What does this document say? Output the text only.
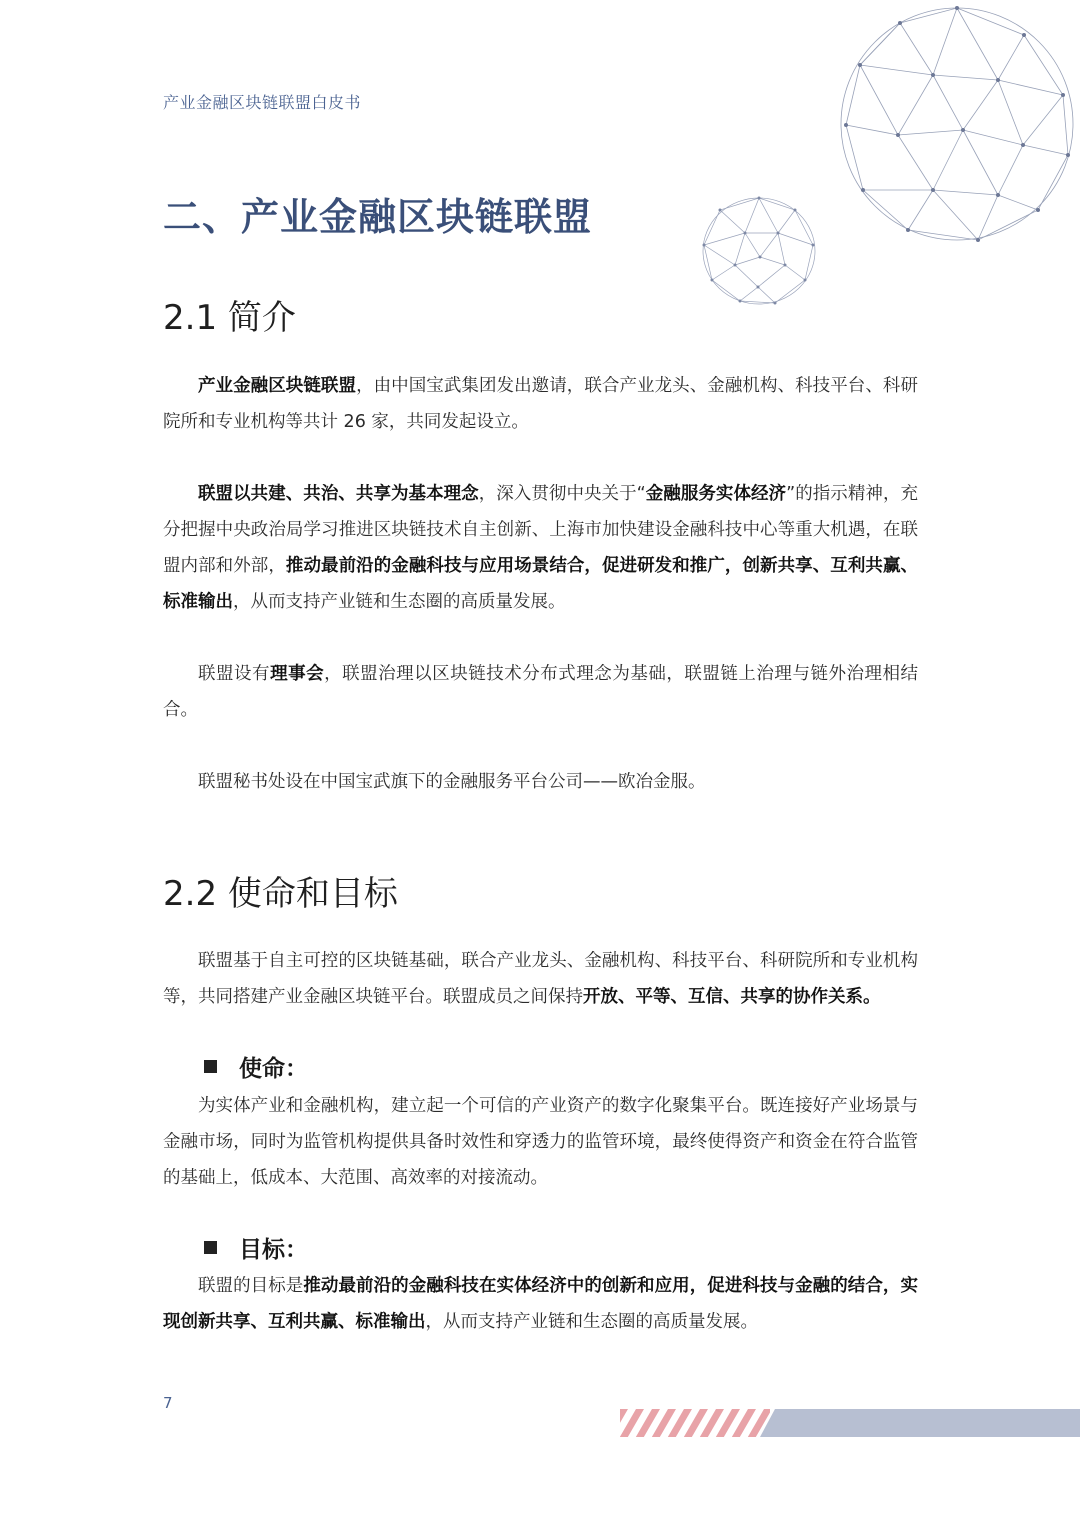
产业金融区块链联盟白皮书
二、产业金融区块链联盟
2.1 简介

产业金融区块链联盟，由中国宝武集团发出邀请，联合产业龙头、金融机构、科技平台、科研院所和专业机构等共计 26 家，共同发起设立。

联盟以共建、共治、共享为基本理念，深入贯彻中央关于“金融服务实体经济”的指示精神，充分把握中央政治局学习推进区块链技术自主创新、上海市加快建设金融科技中心等重大机遇，在联盟内部和外部，推动最前沿的金融科技与应用场景结合，促进研发和推广，创新共享、互利共赢、标准输出，从而支持产业链和生态圈的高质量发展。

联盟设有理事会，联盟治理以区块链技术分布式理念为基础，联盟链上治理与链外治理相结合。

联盟秘书处设在中国宝武旗下的金融服务平台公司——欧冶金服。

2.2 使命和目标

联盟基于自主可控的区块链基础，联合产业龙头、金融机构、科技平台、科研院所和专业机构等，共同搭建产业金融区块链平台。联盟成员之间保持开放、平等、互信、共享的协作关系。

使命：

为实体产业和金融机构，建立起一个可信的产业资产的数字化聚集平台。既连接好产业场景与金融市场，同时为监管机构提供具备时效性和穿透力的监管环境，最终使得资产和资金在符合监管的基础上，低成本、大范围、高效率的对接流动。

目标：

联盟的目标是推动最前沿的金融科技在实体经济中的创新和应用，促进科技与金融的结合，实现创新共享、互利共赢、标准输出，从而支持产业链和生态圈的高质量发展。

7
